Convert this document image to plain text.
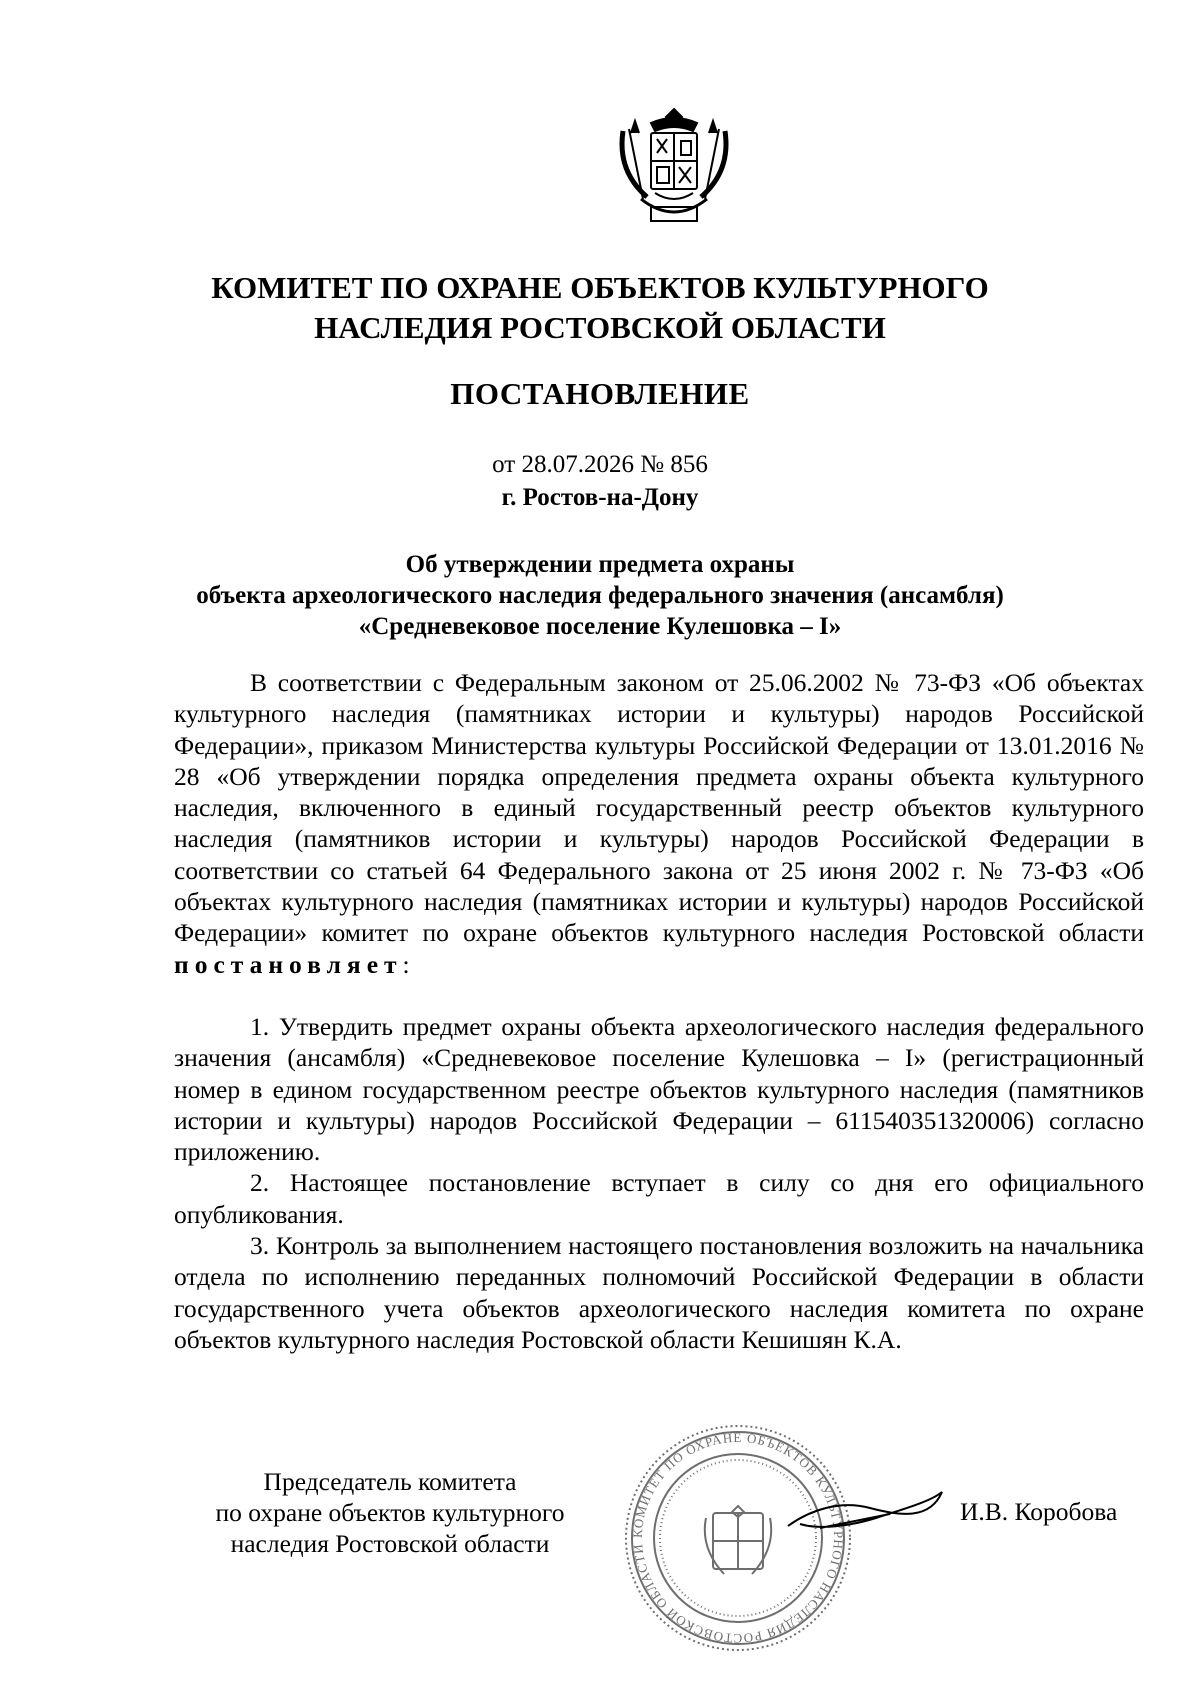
КОМИТЕТ ПО ОХРАНЕ ОБЪЕКТОВ КУЛЬТУРНОГО
НАСЛЕДИЯ РОСТОВСКОЙ ОБЛАСТИ
ПОСТАНОВЛЕНИЕ
от 28.07.2026 № 856
г. Ростов-на-Дону
Об утверждении предмета охраны
объекта археологического наследия федерального значения (ансамбля)
«Средневековое поселение Кулешовка – I»

В соответствии с Федеральным законом от 25.06.2002 № 73-ФЗ «Об объектах культурного наследия (памятниках истории и культуры) народов Российской Федерации», приказом Министерства культуры Российской Федерации от 13.01.2016 № 28 «Об утверждении порядка определения предмета охраны объекта культурного наследия, включенного в единый государственный реестр объектов культурного наследия (памятников истории и культуры) народов Российской Федерации в соответствии со статьей 64 Федерального закона от 25 июня 2002 г. № 73-ФЗ «Об объектах культурного наследия (памятниках истории и культуры) народов Российской Федерации» комитет по охране объектов культурного наследия Ростовской области постановляет:

1. Утвердить предмет охраны объекта археологического наследия федерального значения (ансамбля) «Средневековое поселение Кулешовка – I» (регистрационный номер в едином государственном реестре объектов культурного наследия (памятников истории и культуры) народов Российской Федерации – 611540351320006) согласно приложению.

2. Настоящее постановление вступает в силу со дня его официального опубликования.

3. Контроль за выполнением настоящего постановления возложить на начальника отдела по исполнению переданных полномочий Российской Федерации в области государственного учета объектов археологического наследия комитета по охране объектов культурного наследия Ростовской области Кешишян К.А.

Председатель комитета
по охране объектов культурного
наследия Ростовской области	КОМИТЕТ ПО ОХРАНЕ ОБЪЕКТОВ КУЛЬТУРНОГО НАСЛЕДИЯ РОСТОВСКОЙ ОБЛАСТИ
И.В. Коробова
